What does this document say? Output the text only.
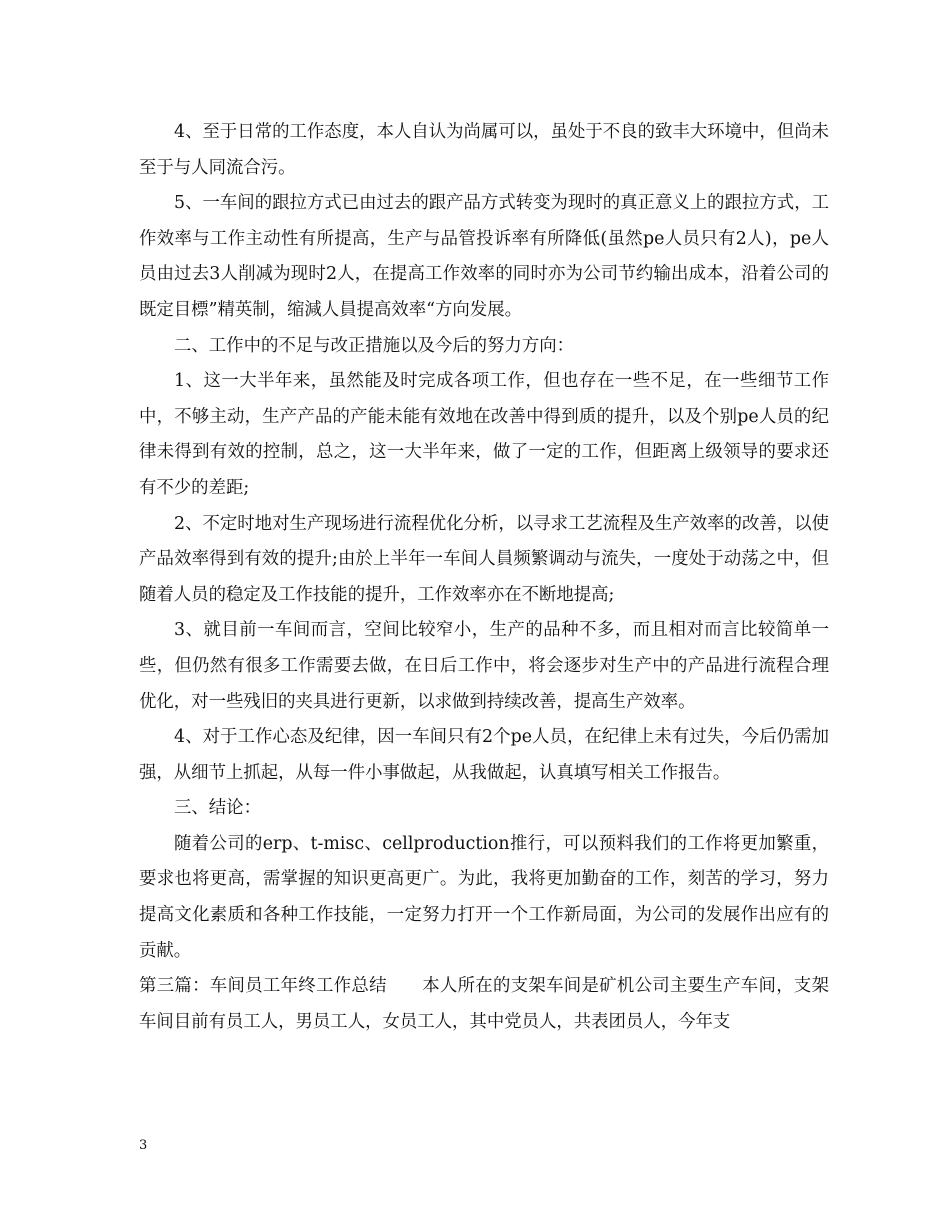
4、至于日常的工作态度，本人自认为尚属可以，虽处于不良的致丰大环境中，但尚未至于与人同流合污。

5、一车间的跟拉方式已由过去的跟产品方式转变为现时的真正意义上的跟拉方式，工作效率与工作主动性有所提高，生产与品管投诉率有所降低(虽然pe人员只有2人)，pe人员由过去3人削减为现时2人，在提高工作效率的同时亦为公司节约输出成本，沿着公司的既定目標”精英制，缩減人員提高效率“方向发展。

二、工作中的不足与改正措施以及今后的努力方向：

1、这一大半年来，虽然能及时完成各项工作，但也存在一些不足，在一些细节工作中，不够主动，生产产品的产能未能有效地在改善中得到质的提升，以及个别pe人员的纪律未得到有效的控制，总之，这一大半年来，做了一定的工作，但距离上级领导的要求还有不少的差距;

2、不定时地对生产现场进行流程优化分析，以寻求工艺流程及生产效率的改善，以使产品效率得到有效的提升;由於上半年一车间人員频繁调动与流失，一度处于动荡之中，但随着人员的稳定及工作技能的提升，工作效率亦在不断地提高;

3、就目前一车间而言，空间比较窄小，生产的品种不多，而且相对而言比较简单一些，但仍然有很多工作需要去做，在日后工作中，将会逐步对生产中的产品进行流程合理优化，对一些残旧的夹具进行更新，以求做到持续改善，提高生产效率。

4、对于工作心态及纪律，因一车间只有2个pe人员，在纪律上未有过失，今后仍需加强，从细节上抓起，从每一件小事做起，从我做起，认真填写相关工作报告。

三、结论：

随着公司的erp、t-misc、cellproduction推行，可以预料我们的工作将更加繁重，要求也将更高，需掌握的知识更高更广。为此，我将更加勤奋的工作，刻苦的学习，努力提高文化素质和各种工作技能，一定努力打开一个工作新局面，为公司的发展作出应有的贡献。

第三篇：车间员工年终工作总结　　本人所在的支架车间是矿机公司主要生产车间，支架车间目前有员工人，男员工人，女员工人，其中党员人，共表团员人，今年支

3
